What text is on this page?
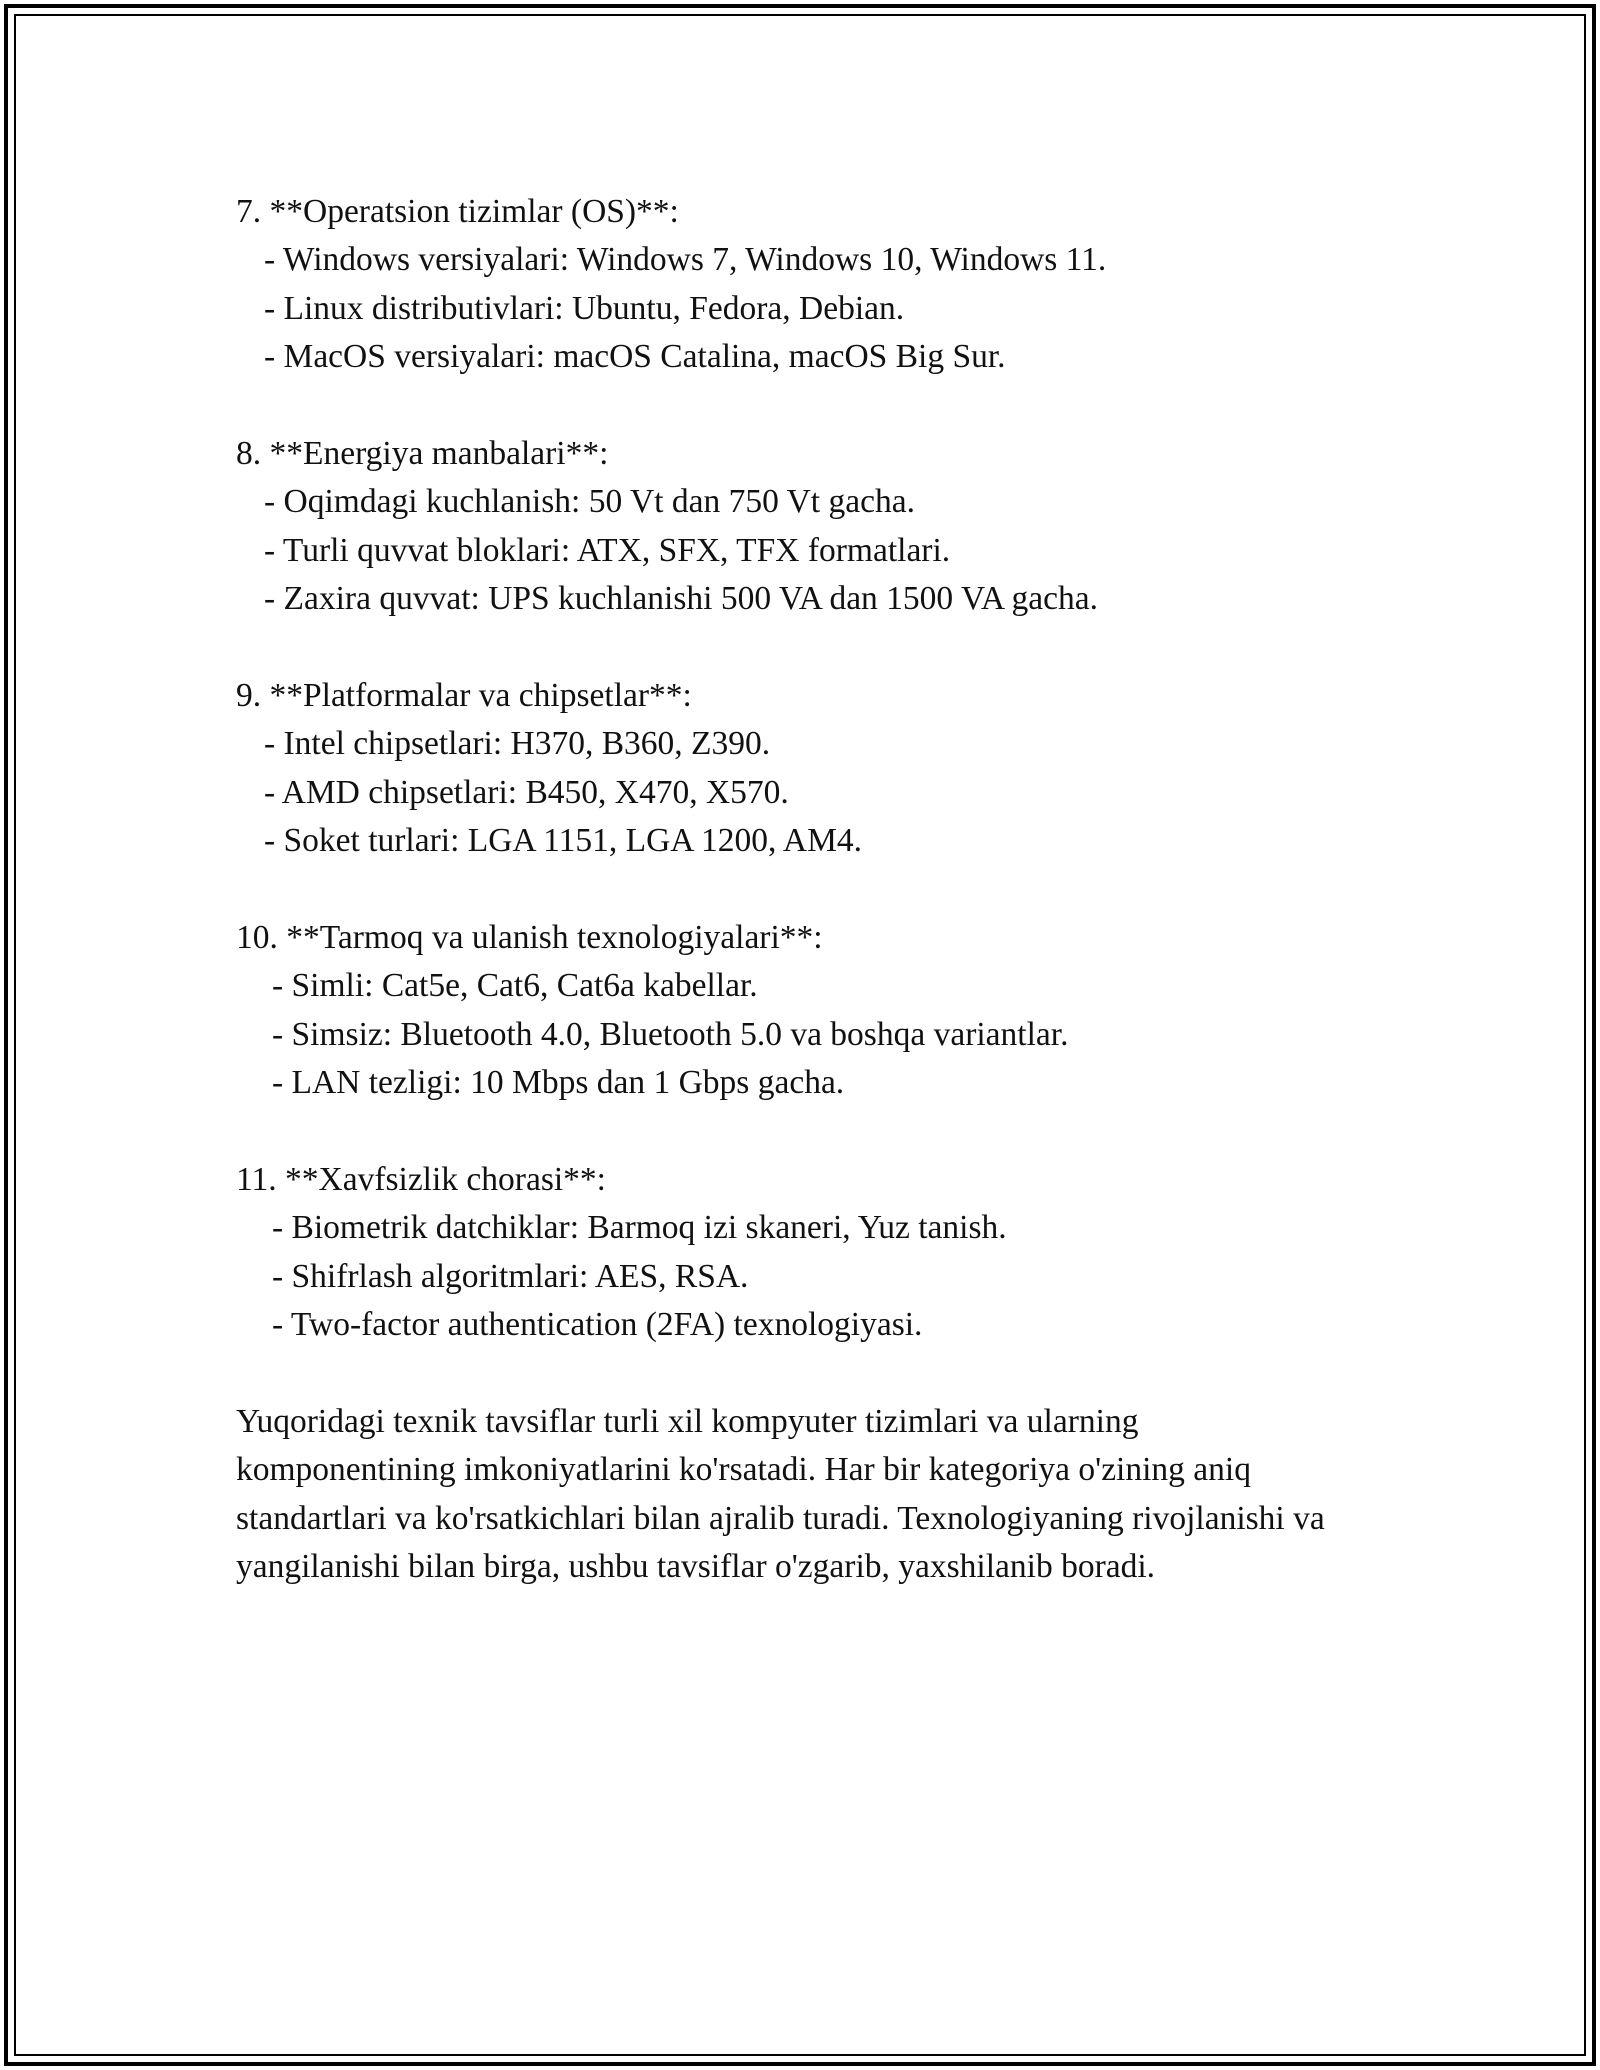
7. **Operatsion tizimlar (OS)**:

- Windows versiyalari: Windows 7, Windows 10, Windows 11.

- Linux distributivlari: Ubuntu, Fedora, Debian.

- MacOS versiyalari: macOS Catalina, macOS Big Sur.

8. **Energiya manbalari**:

- Oqimdagi kuchlanish: 50 Vt dan 750 Vt gacha.

- Turli quvvat bloklari: ATX, SFX, TFX formatlari.

- Zaxira quvvat: UPS kuchlanishi 500 VA dan 1500 VA gacha.

9. **Platformalar va chipsetlar**:

- Intel chipsetlari: H370, B360, Z390.

- AMD chipsetlari: B450, X470, X570.

- Soket turlari: LGA 1151, LGA 1200, AM4.

10. **Tarmoq va ulanish texnologiyalari**:

- Simli: Cat5e, Cat6, Cat6a kabellar.

- Simsiz: Bluetooth 4.0, Bluetooth 5.0 va boshqa variantlar.

- LAN tezligi: 10 Mbps dan 1 Gbps gacha.

11. **Xavfsizlik chorasi**:

- Biometrik datchiklar: Barmoq izi skaneri, Yuz tanish.

- Shifrlash algoritmlari: AES, RSA.

- Two-factor authentication (2FA) texnologiyasi.

Yuqoridagi texnik tavsiflar turli xil kompyuter tizimlari va ularning komponentining imkoniyatlarini ko'rsatadi. Har bir kategoriya o'zining aniq standartlari va ko'rsatkichlari bilan ajralib turadi. Texnologiyaning rivojlanishi va yangilanishi bilan birga, ushbu tavsiflar o'zgarib, yaxshilanib boradi.
